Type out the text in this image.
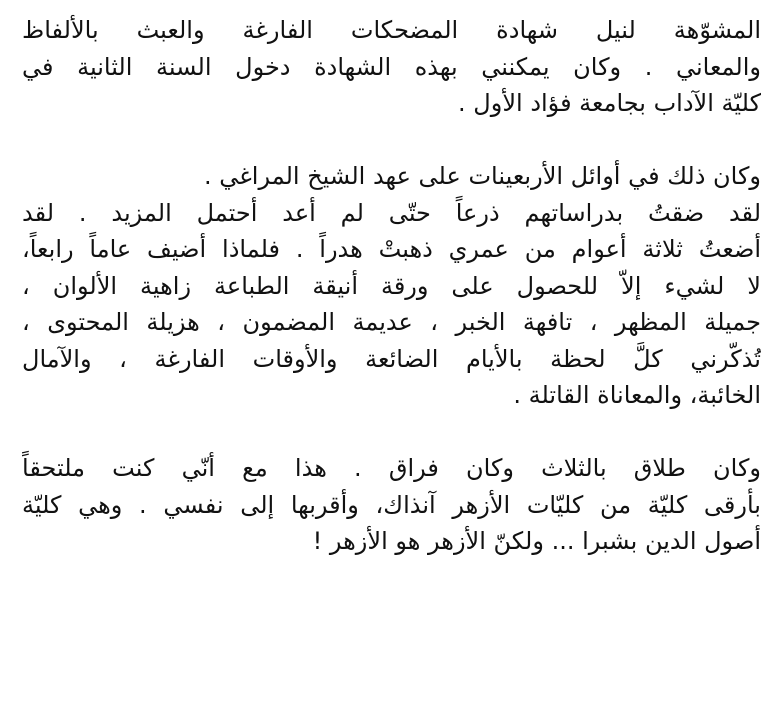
المشوّهة لنيل شهادة المضحكات الفارغة والعبث بالألفاظ
والمعاني . وكان يمكنني بهذه الشهادة دخول السنة الثانية في
كليّة الآداب بجامعة فؤاد الأول .
وكان ذلك في أوائل الأربعينات على عهد الشيخ المراغي .
لقد ضقتُ بدراساتهم ذرعاً حتّى لم أعد أحتمل المزيد . لقد
أضعتُ ثلاثة أعوام من عمري ذهبتْ هدراً . فلماذا أضيف عاماً رابعاً،
لا لشيء إلاّ للحصول على ورقة أنيقة الطباعة زاهية الألوان ،
جميلة المظهر ، تافهة الخبر ، عديمة المضمون ، هزيلة المحتوى ،
تُذكّرني كلَّ لحظة بالأيام الضائعة والأوقات الفارغة ، والآمال
الخائبة، والمعاناة القاتلة .
وكان طلاق بالثلاث وكان فراق . هذا مع أنّي كنت ملتحقاً
بأرقى كليّة من كليّات الأزهر آنذاك، وأقربها إلى نفسي . وهي كليّة
أصول الدين بشبرا ... ولكنّ الأزهر هو الأزهر !
